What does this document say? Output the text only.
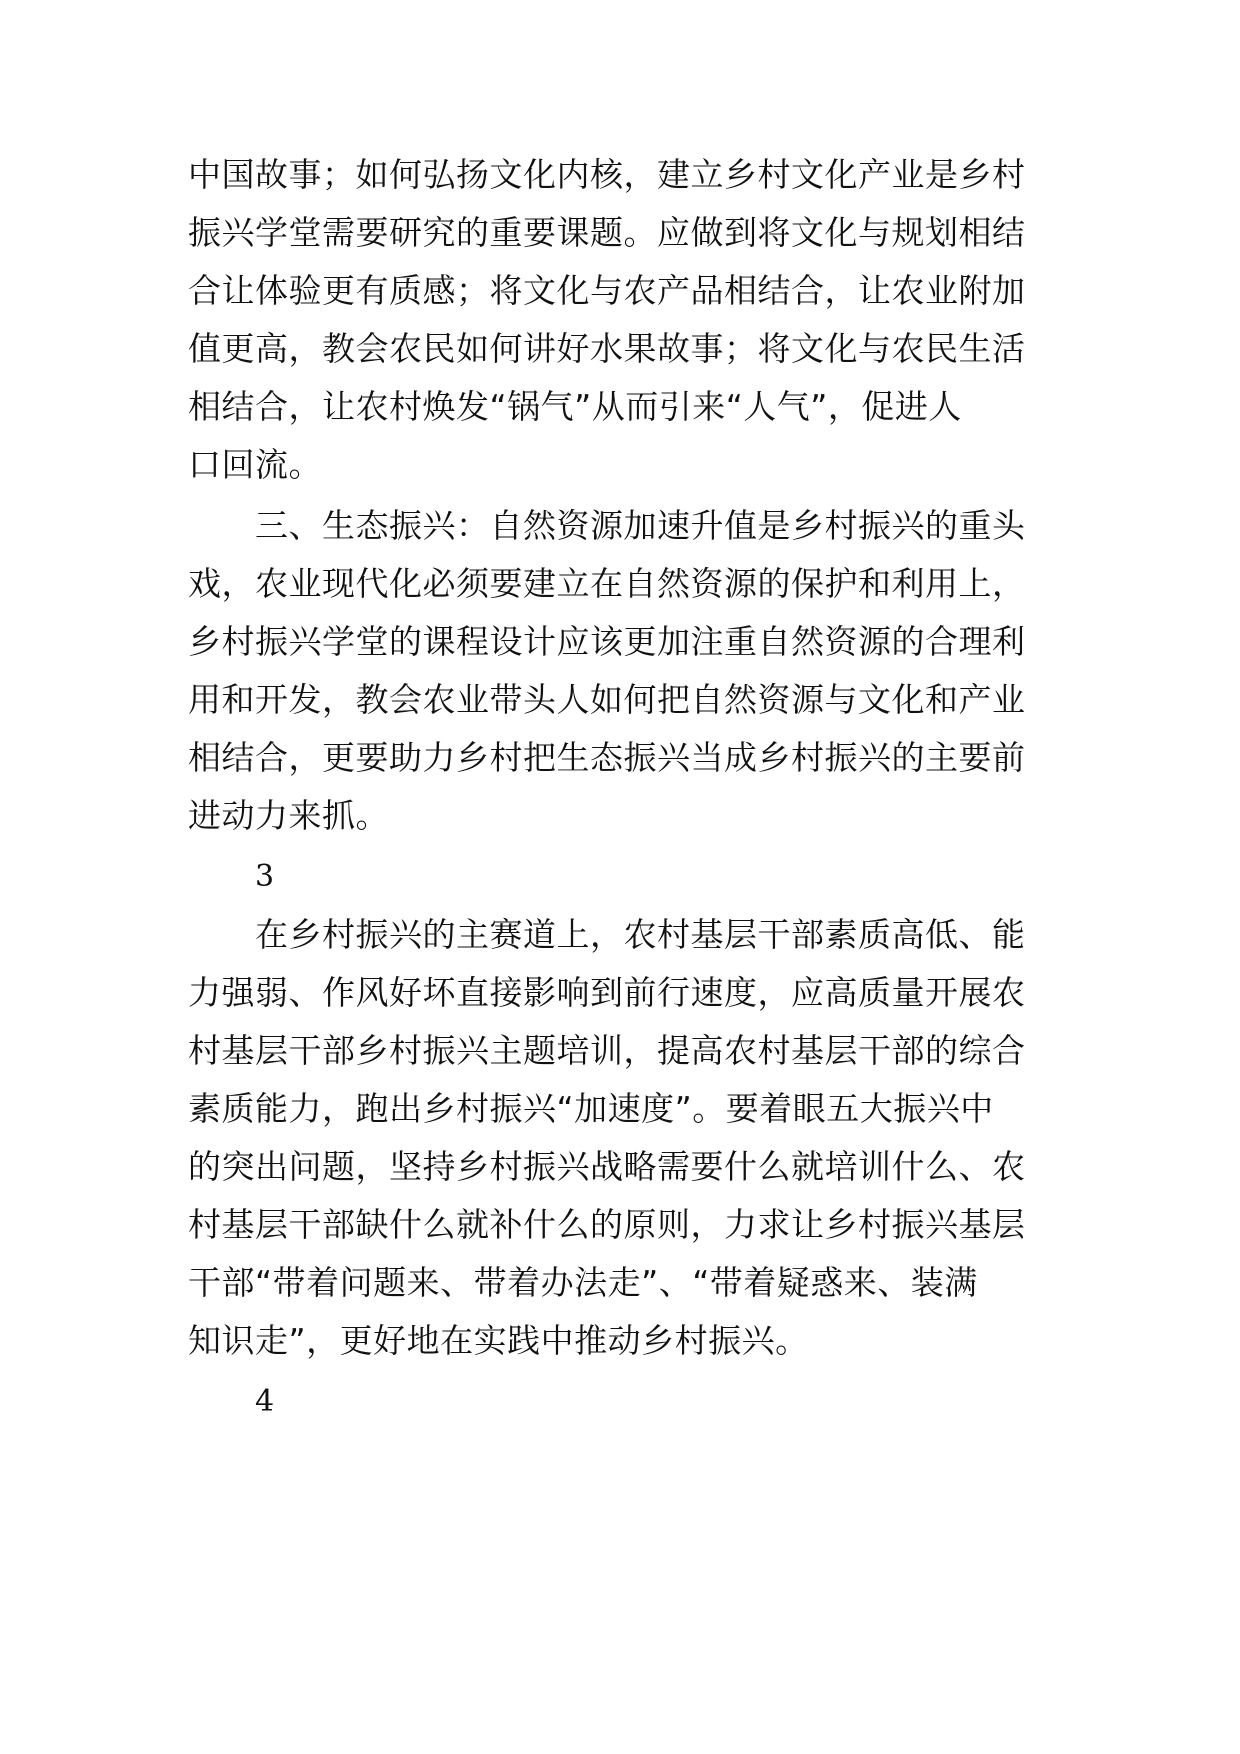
中国故事；如何弘扬文化内核，建立乡村文化产业是乡村
振兴学堂需要研究的重要课题。应做到将文化与规划相结
合让体验更有质感；将文化与农产品相结合，让农业附加
值更高，教会农民如何讲好水果故事；将文化与农民生活
相结合，让农村焕发“锅气”从而引来“人气”，促进人
口回流。
三、生态振兴：自然资源加速升值是乡村振兴的重头
戏，农业现代化必须要建立在自然资源的保护和利用上，
乡村振兴学堂的课程设计应该更加注重自然资源的合理利
用和开发，教会农业带头人如何把自然资源与文化和产业
相结合，更要助力乡村把生态振兴当成乡村振兴的主要前
进动力来抓。
3
在乡村振兴的主赛道上，农村基层干部素质高低、能
力强弱、作风好坏直接影响到前行速度，应高质量开展农
村基层干部乡村振兴主题培训，提高农村基层干部的综合
素质能力，跑出乡村振兴“加速度”。要着眼五大振兴中
的突出问题，坚持乡村振兴战略需要什么就培训什么、农
村基层干部缺什么就补什么的原则，力求让乡村振兴基层
干部“带着问题来、带着办法走”、“带着疑惑来、装满
知识走”，更好地在实践中推动乡村振兴。
4
